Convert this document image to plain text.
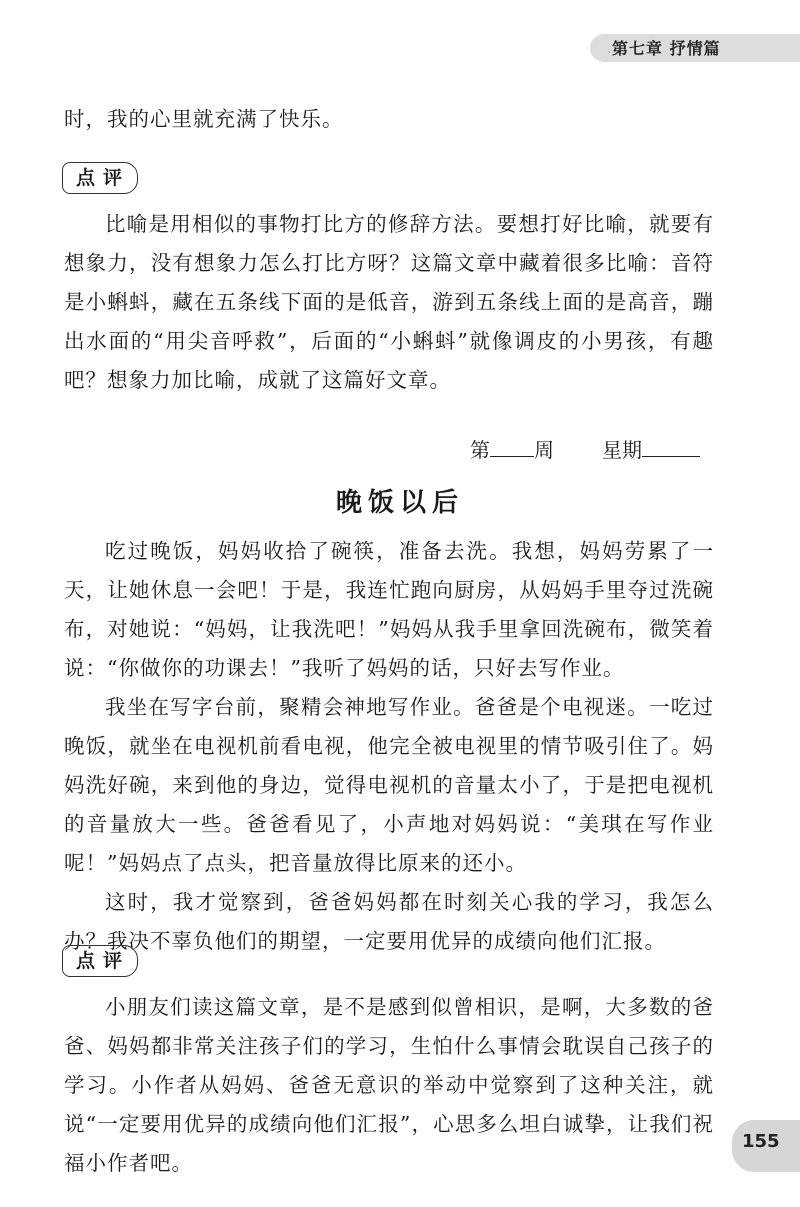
第七章 抒情篇

时，我的心里就充满了快乐。

点评

比喻是用相似的事物打比方的修辞方法。要想打好比喻，就要有想象力，没有想象力怎么打比方呀？这篇文章中藏着很多比喻：音符是小蝌蚪，藏在五条线下面的是低音，游到五条线上面的是高音，蹦出水面的“用尖音呼救”，后面的“小蝌蚪”就像调皮的小男孩，有趣吧？想象力加比喻，成就了这篇好文章。

第 周 星期
晚饭以后

吃过晚饭，妈妈收拾了碗筷，准备去洗。我想，妈妈劳累了一天，让她休息一会吧！于是，我连忙跑向厨房，从妈妈手里夺过洗碗布，对她说：“妈妈，让我洗吧！”妈妈从我手里拿回洗碗布，微笑着说：“你做你的功课去！”我听了妈妈的话，只好去写作业。

我坐在写字台前，聚精会神地写作业。爸爸是个电视迷。一吃过晚饭，就坐在电视机前看电视，他完全被电视里的情节吸引住了。妈妈洗好碗，来到他的身边，觉得电视机的音量太小了，于是把电视机的音量放大一些。爸爸看见了，小声地对妈妈说：“美琪在写作业呢！”妈妈点了点头，把音量放得比原来的还小。

这时，我才觉察到，爸爸妈妈都在时刻关心我的学习，我怎么办？我决不辜负他们的期望，一定要用优异的成绩向他们汇报。

点评

小朋友们读这篇文章，是不是感到似曾相识，是啊，大多数的爸爸、妈妈都非常关注孩子们的学习，生怕什么事情会耽误自己孩子的学习。小作者从妈妈、爸爸无意识的举动中觉察到了这种关注，就说“一定要用优异的成绩向他们汇报”，心思多么坦白诚挚，让我们祝福小作者吧。

155
